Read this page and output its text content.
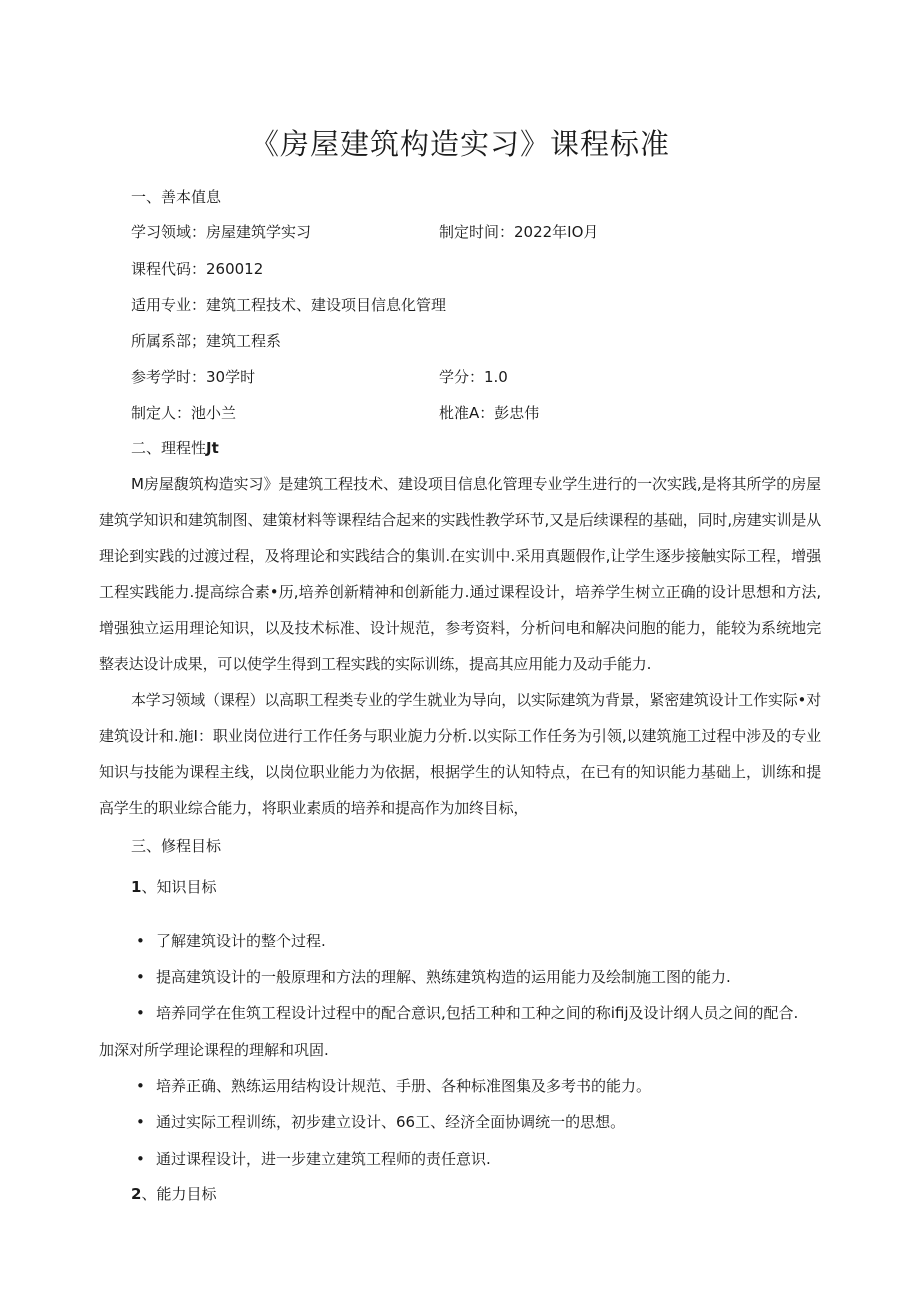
《房屋建筑构造实习》课程标准
一、善本值息
学习领域：房屋建筑学实习	制定时间：2022年IO月
课程代码：260012
适用专业：建筑工程技术、建设项目信息化管理
所属系部；建筑工程系
参考学时：30学时	学分：1.0
制定人：池小兰	枇准A：彭忠伟
二、理程性Jt

M房屋馥筑构造实习》是建筑工程技术、建设项目信息化管理专业学生进行的一次实践,是将其所学的房屋建筑学知识和建筑制图、建策材料等课程结合起来的实践性教学环节,又是后续课程的基础，同时,房建实训是从理论到实践的过渡过程，及将理论和实践结合的集训.在实训中.采用真题假作,让学生逐步接触实际工程，增强工程实践能力.提高综合素•历,培养创新精神和创新能力.通过课程设计，培养学生树立正确的设计思想和方法,增强独立运用理论知识，以及技术标准、设计规范，参考资料，分析问电和解决问胞的能力，能较为系统地完整表达设计成果，可以使学生得到工程实践的实际训练，提高其应用能力及动手能力.

本学习领域（课程）以高职工程类专业的学生就业为导向，以实际建筑为背景，紧密建筑设计工作实际•对建筑设计和.施I：职业岗位进行工作任务与职业旎力分析.以实际工作任务为引领,以建筑施工过程中涉及的专业知识与技能为课程主线，以岗位职业能力为依据，根据学生的认知特点，在已有的知识能力基础上，训练和提高学生的职业综合能力，将职业素质的培养和提高作为加终目标，

三、修程目标
1、知识目标
• 了解建筑设计的整个过程.
• 提高建筑设计的一般原理和方法的理解、熟练建筑构造的运用能力及绘制施工图的能力.
• 培养同学在隹筑工程设计过程中的配合意识,包括工种和工种之间的称ifij及设计纲人员之间的配合.
加深对所学理论课程的理解和巩固.
• 培养正确、熟练运用结构设计规范、手册、各种标准图集及多考书的能力。
• 通过实际工程训练，初步建立设计、66工、经济全面协调统一的思想。
• 通过课程设计，进一步建立建筑工程师的责任意识.
2、能力目标
